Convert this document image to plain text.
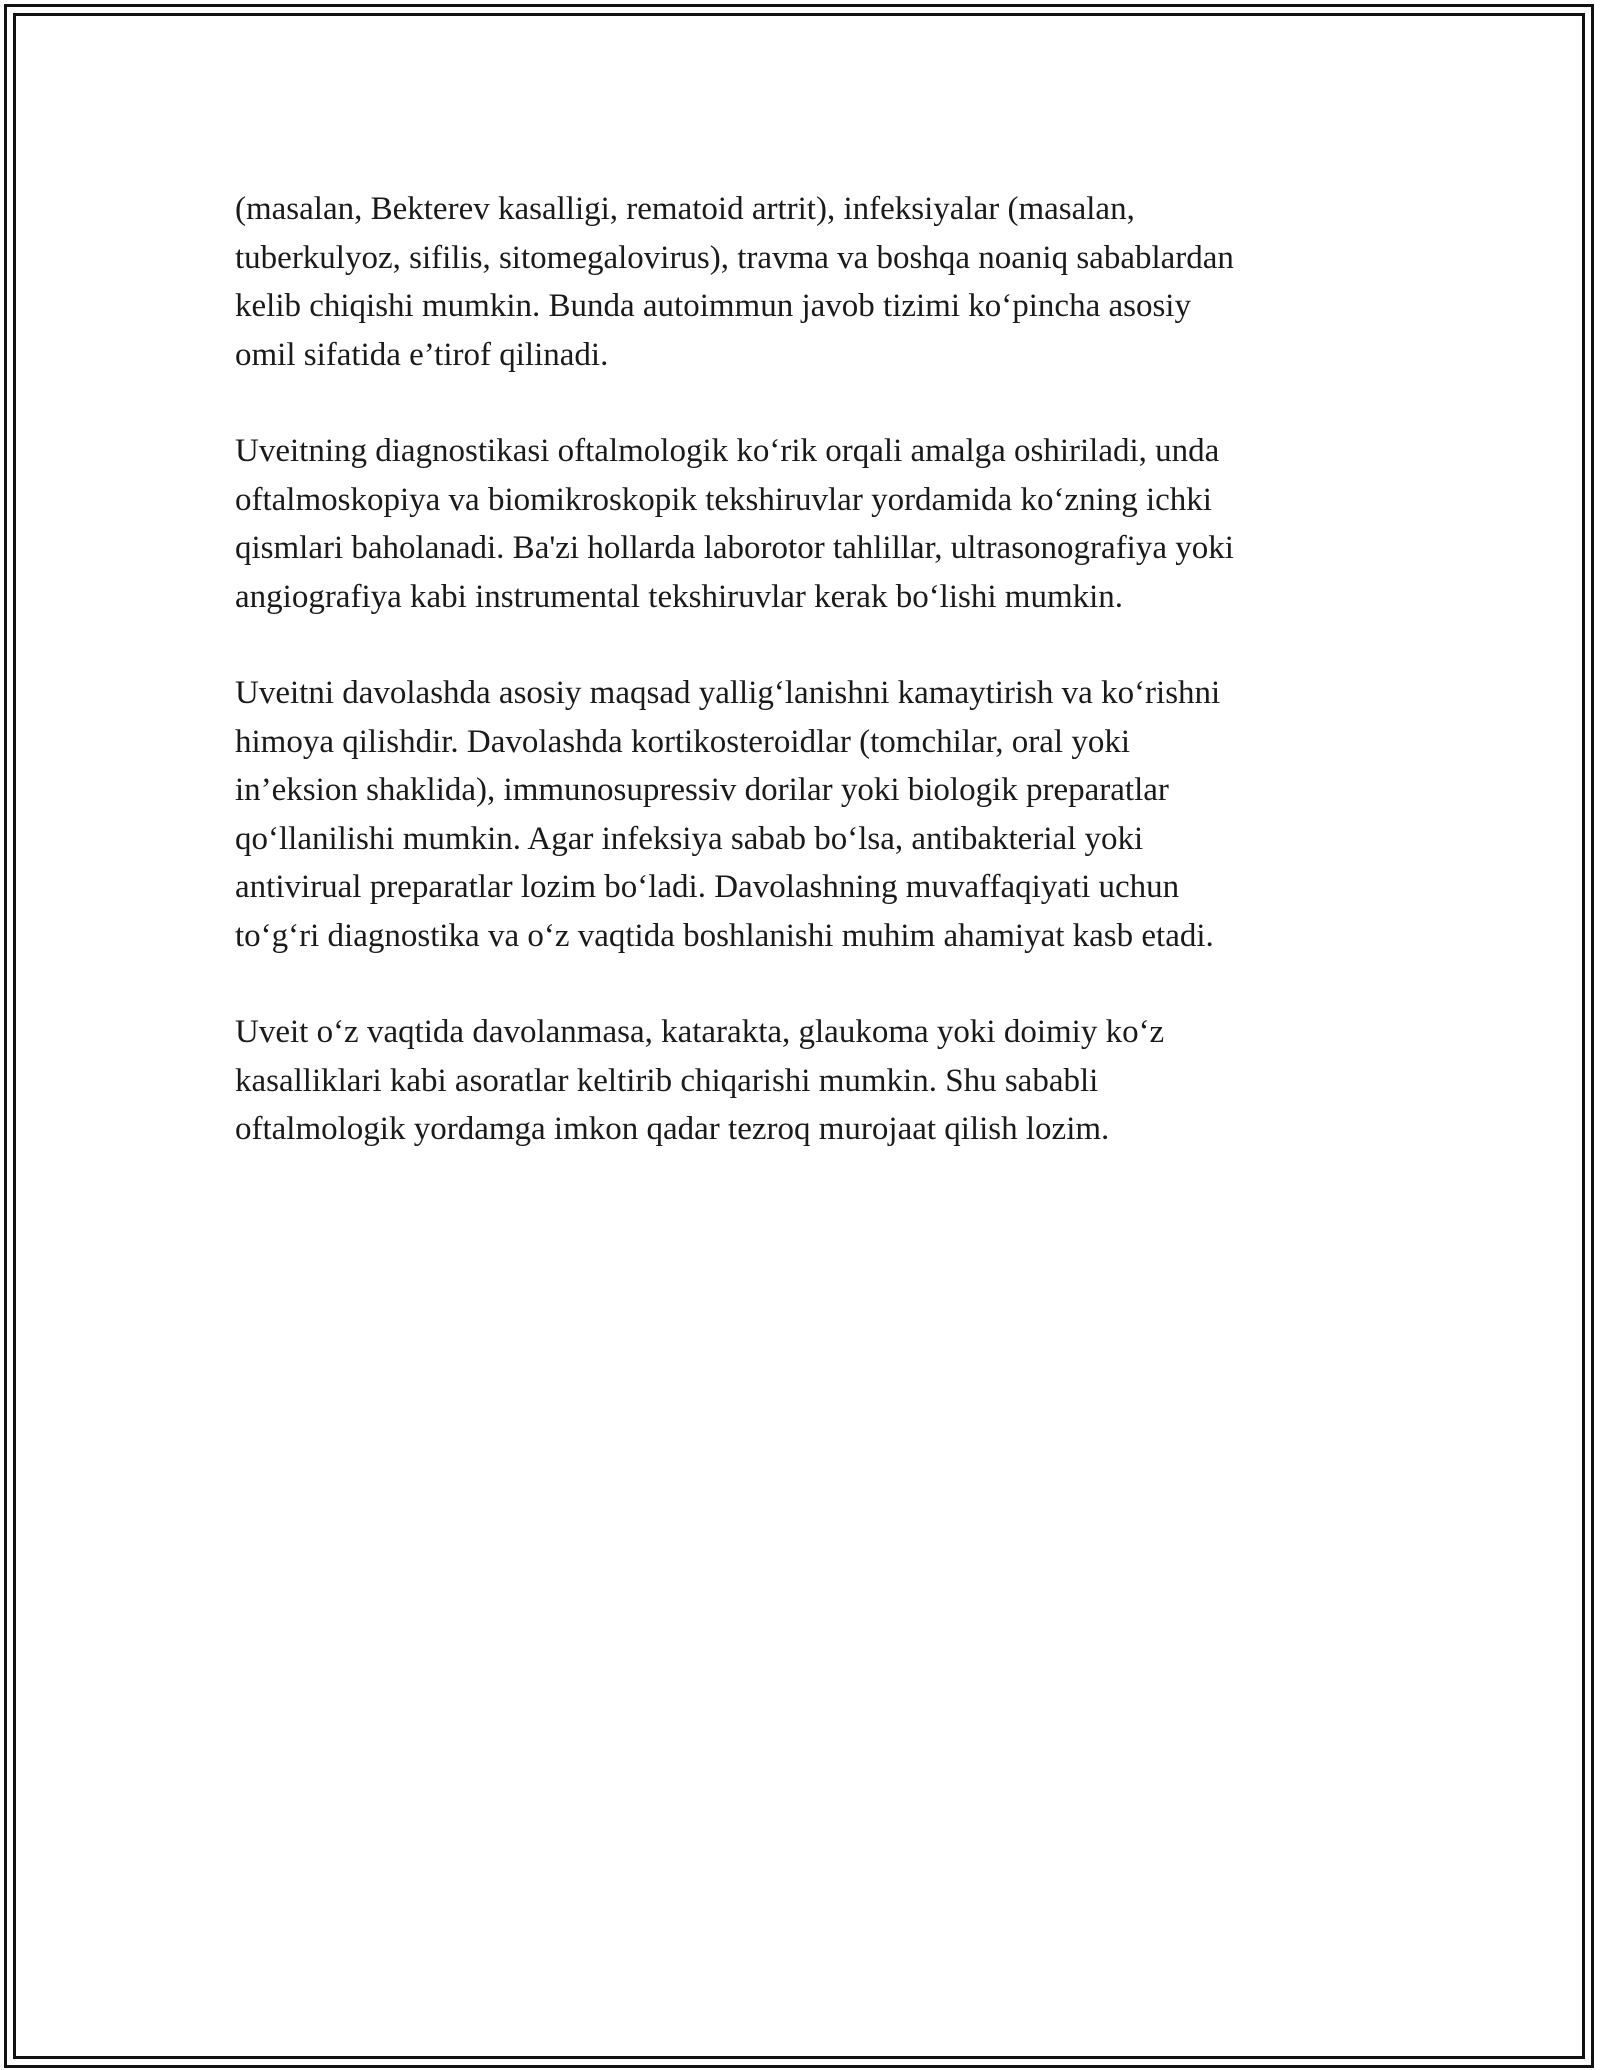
(masalan, Bekterev kasalligi, rematoid artrit), infeksiyalar (masalan,
tuberkulyoz, sifilis, sitomegalovirus), travma va boshqa noaniq sabablardan
kelib chiqishi mumkin. Bunda autoimmun javob tizimi ko‘pincha asosiy
omil sifatida e’tirof qilinadi.

Uveitning diagnostikasi oftalmologik ko‘rik orqali amalga oshiriladi, unda
oftalmoskopiya va biomikroskopik tekshiruvlar yordamida ko‘zning ichki
qismlari baholanadi. Ba'zi hollarda laborotor tahlillar, ultrasonografiya yoki
angiografiya kabi instrumental tekshiruvlar kerak bo‘lishi mumkin.

Uveitni davolashda asosiy maqsad yallig‘lanishni kamaytirish va ko‘rishni
himoya qilishdir. Davolashda kortikosteroidlar (tomchilar, oral yoki
in’eksion shaklida), immunosupressiv dorilar yoki biologik preparatlar
qo‘llanilishi mumkin. Agar infeksiya sabab bo‘lsa, antibakterial yoki
antivirual preparatlar lozim bo‘ladi. Davolashning muvaffaqiyati uchun
to‘g‘ri diagnostika va o‘z vaqtida boshlanishi muhim ahamiyat kasb etadi.

Uveit o‘z vaqtida davolanmasa, katarakta, glaukoma yoki doimiy ko‘z
kasalliklari kabi asoratlar keltirib chiqarishi mumkin. Shu sababli
oftalmologik yordamga imkon qadar tezroq murojaat qilish lozim.
